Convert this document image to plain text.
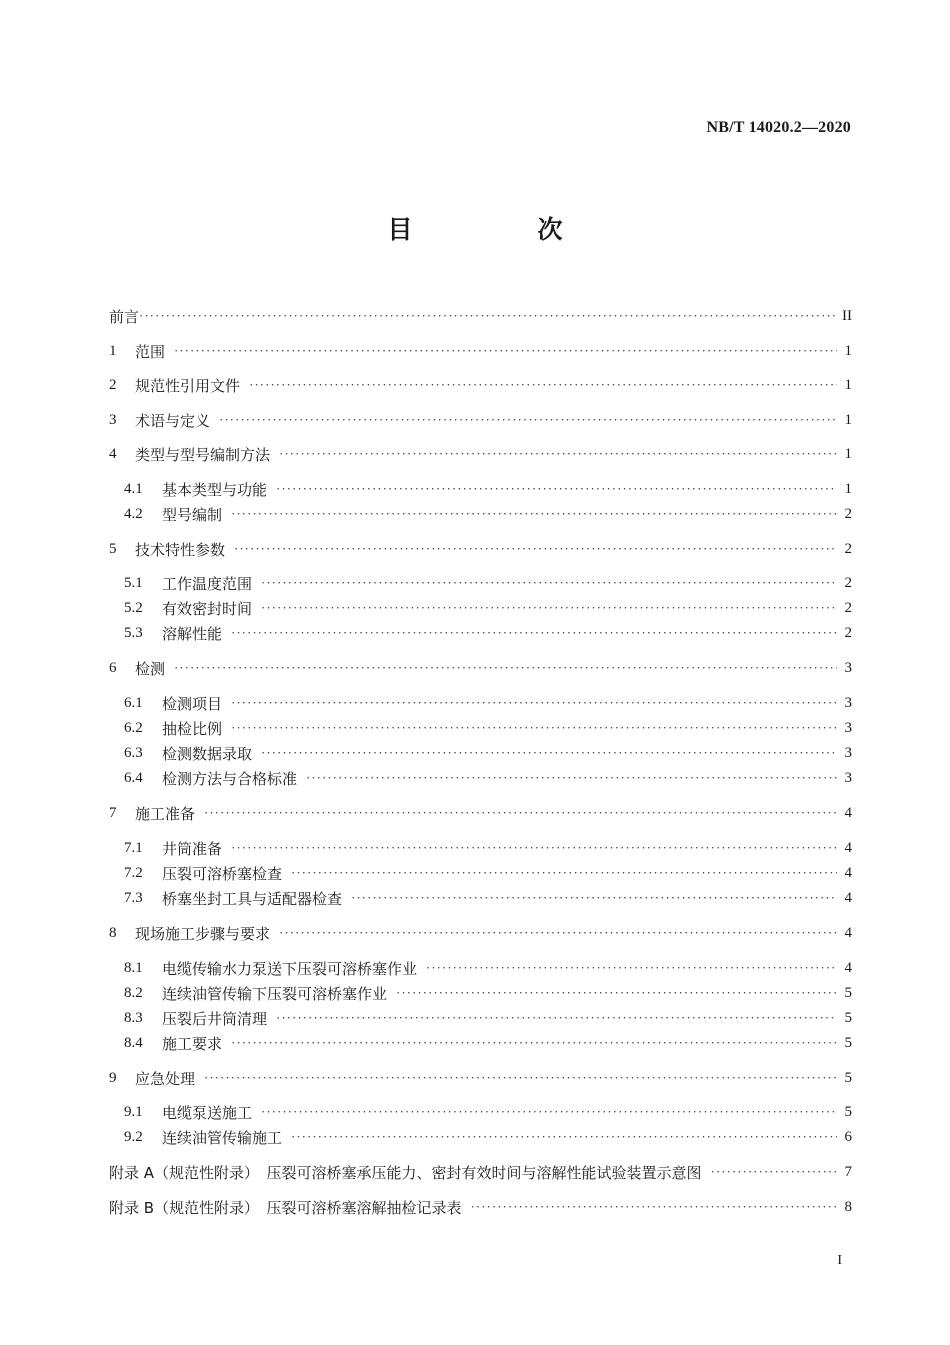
NB/T 14020.2—2020
目　次
前言 ·····	II
1	范围 ·····	1
2	规范性引用文件 ·····	1
3	术语与定义 ·····	1
4	类型与型号编制方法 ·····	1
4.1	基本类型与功能 ·····	1
4.2	型号编制 ·····	2
5	技术特性参数 ·····	2
5.1	工作温度范围 ·····	2
5.2	有效密封时间 ·····	2
5.3	溶解性能 ·····	2
6	检测 ·····	3
6.1	检测项目 ·····	3
6.2	抽检比例 ·····	3
6.3	检测数据录取 ·····	3
6.4	检测方法与合格标准 ·····	3
7	施工准备 ·····	4
7.1	井筒准备 ·····	4
7.2	压裂可溶桥塞检查 ·····	4
7.3	桥塞坐封工具与适配器检查 ·····	4
8	现场施工步骤与要求 ·····	4
8.1	电缆传输水力泵送下压裂可溶桥塞作业 ·····	4
8.2	连续油管传输下压裂可溶桥塞作业 ·····	5
8.3	压裂后井筒清理 ·····	5
8.4	施工要求 ·····	5
9	应急处理 ·····	5
9.1	电缆泵送施工 ·····	5
9.2	连续油管传输施工 ·····	6
附录 A（规范性附录）　压裂可溶桥塞承压能力、密封有效时间与溶解性能试验装置示意图 ·····	7
附录 B（规范性附录）　压裂可溶桥塞溶解抽检记录表 ·····	8
I
